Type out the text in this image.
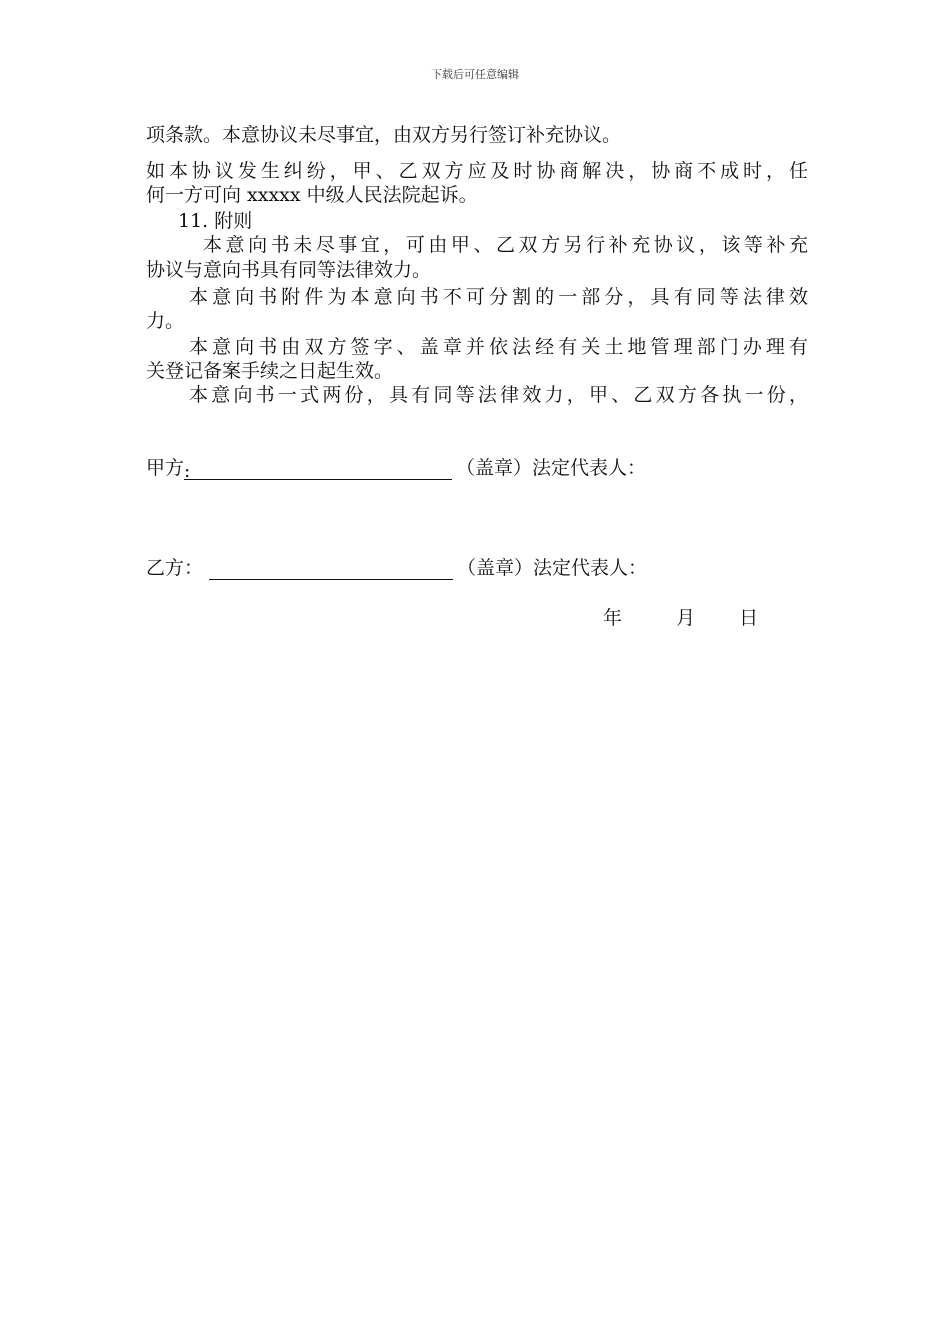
下载后可任意编辑
项条款。本意协议未尽事宜，由双方另行签订补充协议。
如本协议发生纠纷，甲、乙双方应及时协商解决，协商不成时，任
何一方可向 xxxxx 中级人民法院起诉。
11. 附则
本意向书未尽事宜，可由甲、乙双方另行补充协议，该等补充
协议与意向书具有同等法律效力。
本意向书附件为本意向书不可分割的一部分，具有同等法律效
力。
本意向书由双方签字、盖章并依法经有关土地管理部门办理有
关登记备案手续之日起生效。
本意向书一式两份，具有同等法律效力，甲、乙双方各执一份，
甲方 :	（盖章）法定代表人：
乙方：	（盖章）法定代表人：
年	月 日
